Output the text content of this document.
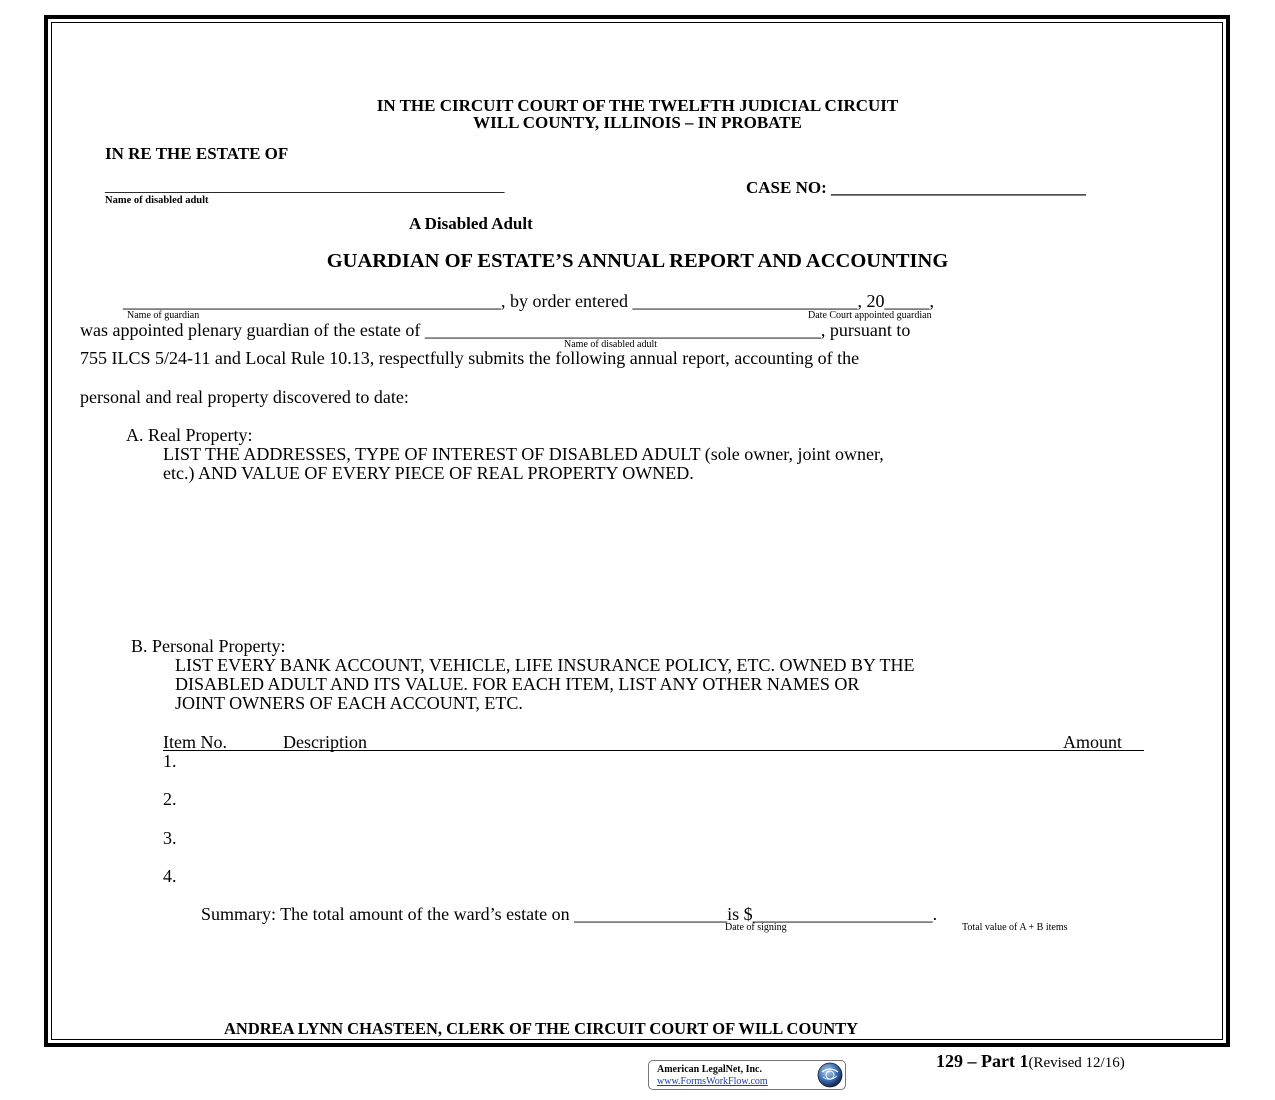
IN THE CIRCUIT COURT OF THE TWELFTH JUDICIAL CIRCUIT
WILL COUNTY, ILLINOIS – IN PROBATE
IN RE THE ESTATE OF
_______________________________________________
Name of disabled adult
CASE NO: ______________________________
A Disabled Adult
GUARDIAN OF ESTATE’S ANNUAL REPORT AND ACCOUNTING
__________________________________________, by order entered _________________________, 20_____,
Name of guardian	Date Court appointed guardian
was appointed plenary guardian of the estate of ____________________________________________, pursuant to
Name of disabled adult
755 ILCS 5/24-11 and Local Rule 10.13, respectfully submits the following annual report, accounting of the
personal and real property discovered to date:
A. Real Property:
LIST THE ADDRESSES, TYPE OF INTEREST OF DISABLED ADULT (sole owner, joint owner,
etc.) AND VALUE OF EVERY PIECE OF REAL PROPERTY OWNED.
B. Personal Property:
LIST EVERY BANK ACCOUNT, VEHICLE, LIFE INSURANCE POLICY, ETC. OWNED BY THE
DISABLED ADULT AND ITS VALUE. FOR EACH ITEM, LIST ANY OTHER NAMES OR
JOINT OWNERS OF EACH ACCOUNT, ETC.
Item No.	Description	Amount
1.
2.
3.
4.
Summary: The total amount of the ward’s estate on _________________is $____________________.
Date of signing	Total value of A + B items
ANDREA LYNN CHASTEEN, CLERK OF THE CIRCUIT COURT OF WILL COUNTY
129 – Part 1(Revised 12/16)
American LegalNet, Inc.
www.FormsWorkFlow.com
